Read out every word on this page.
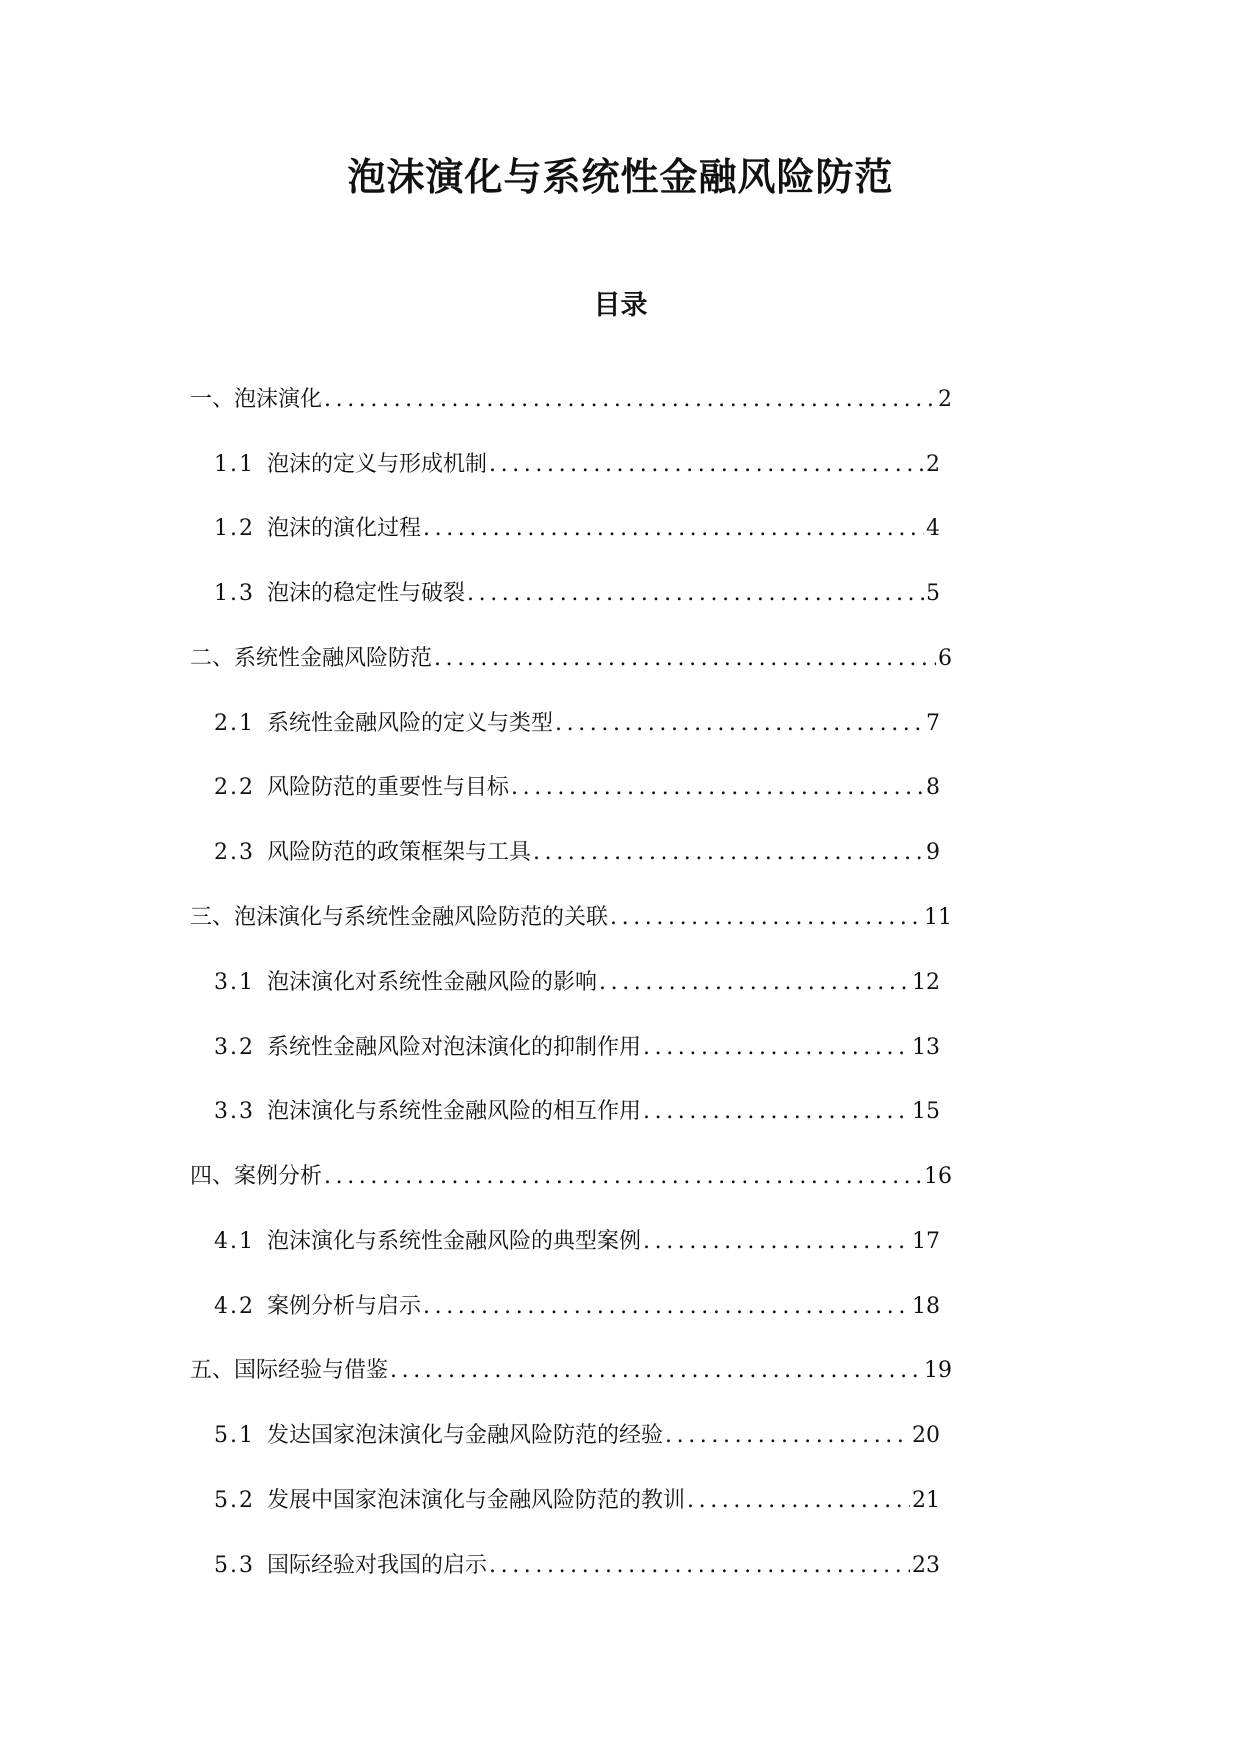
泡沫演化与系统性金融风险防范
目录
一、泡沫演化 .....	2
1.1 泡沫的定义与形成机制 .....	2
1.2 泡沫的演化过程 .....	4
1.3 泡沫的稳定性与破裂 .....	5
二、系统性金融风险防范 .....	6
2.1 系统性金融风险的定义与类型 .....	7
2.2 风险防范的重要性与目标 .....	8
2.3 风险防范的政策框架与工具 .....	9
三、泡沫演化与系统性金融风险防范的关联 .....	11
3.1 泡沫演化对系统性金融风险的影响 .....	12
3.2 系统性金融风险对泡沫演化的抑制作用 .....	13
3.3 泡沫演化与系统性金融风险的相互作用 .....	15
四、案例分析 .....	16
4.1 泡沫演化与系统性金融风险的典型案例 .....	17
4.2 案例分析与启示 .....	18
五、国际经验与借鉴 .....	19
5.1 发达国家泡沫演化与金融风险防范的经验 .....	20
5.2 发展中国家泡沫演化与金融风险防范的教训 .....	21
5.3 国际经验对我国的启示 .....	23
